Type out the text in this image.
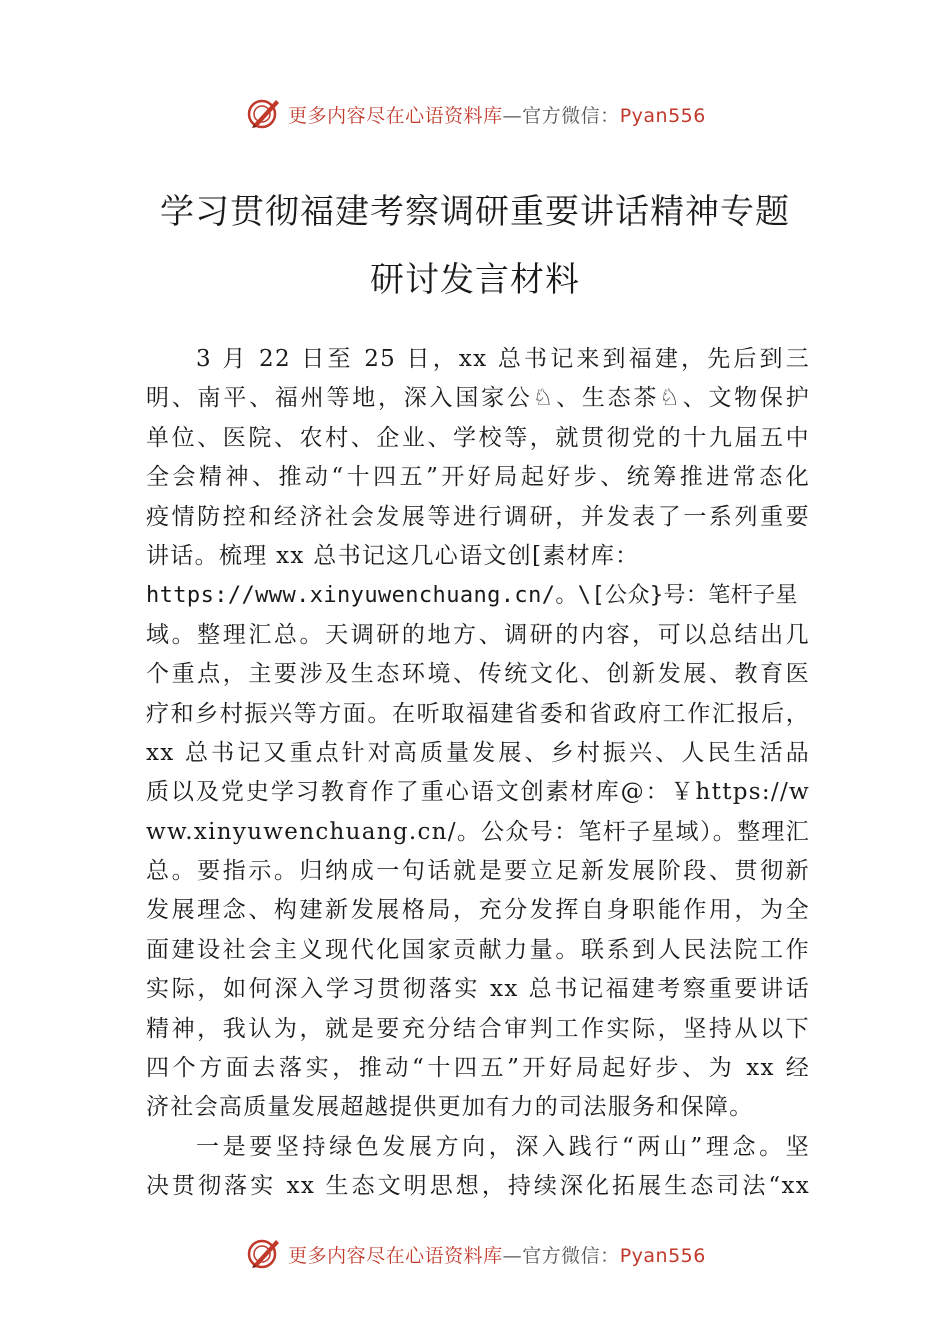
更多内容尽在心语资料库—官方微信：Pyan556
学习贯彻福建考察调研重要讲话精神专题
研讨发言材料
3 月 22 日至 25 日，xx 总书记来到福建，先后到三
明、南平、福州等地，深入国家公♘、生态茶♘、文物保护
单位、医院、农村、企业、学校等，就贯彻党的十九届五中
全会精神、推动“十四五”开好局起好步、统筹推进常态化
疫情防控和经济社会发展等进行调研，并发表了一系列重要
讲话。梳理 xx 总书记这几心语文创[素材库：
https://www.xinyuwenchuang.cn/。\[公众}号：笔杆子星
域。整理汇总。天调研的地方、调研的内容，可以总结出几
个重点，主要涉及生态环境、传统文化、创新发展、教育医
疗和乡村振兴等方面。在听取福建省委和省政府工作汇报后，
xx 总书记又重点针对高质量发展、乡村振兴、人民生活品
质以及党史学习教育作了重心语文创素材库@：￥https://w
ww.xinyuwenchuang.cn/。公众号：笔杆子星域）。整理汇
总。要指示。归纳成一句话就是要立足新发展阶段、贯彻新
发展理念、构建新发展格局，充分发挥自身职能作用，为全
面建设社会主义现代化国家贡献力量。联系到人民法院工作
实际，如何深入学习贯彻落实 xx 总书记福建考察重要讲话
精神，我认为，就是要充分结合审判工作实际，坚持从以下
四个方面去落实，推动“十四五”开好局起好步、为 xx 经
济社会高质量发展超越提供更加有力的司法服务和保障。
一是要坚持绿色发展方向，深入践行“两山”理念。坚
决贯彻落实 xx 生态文明思想，持续深化拓展生态司法“xx
更多内容尽在心语资料库—官方微信：Pyan556
